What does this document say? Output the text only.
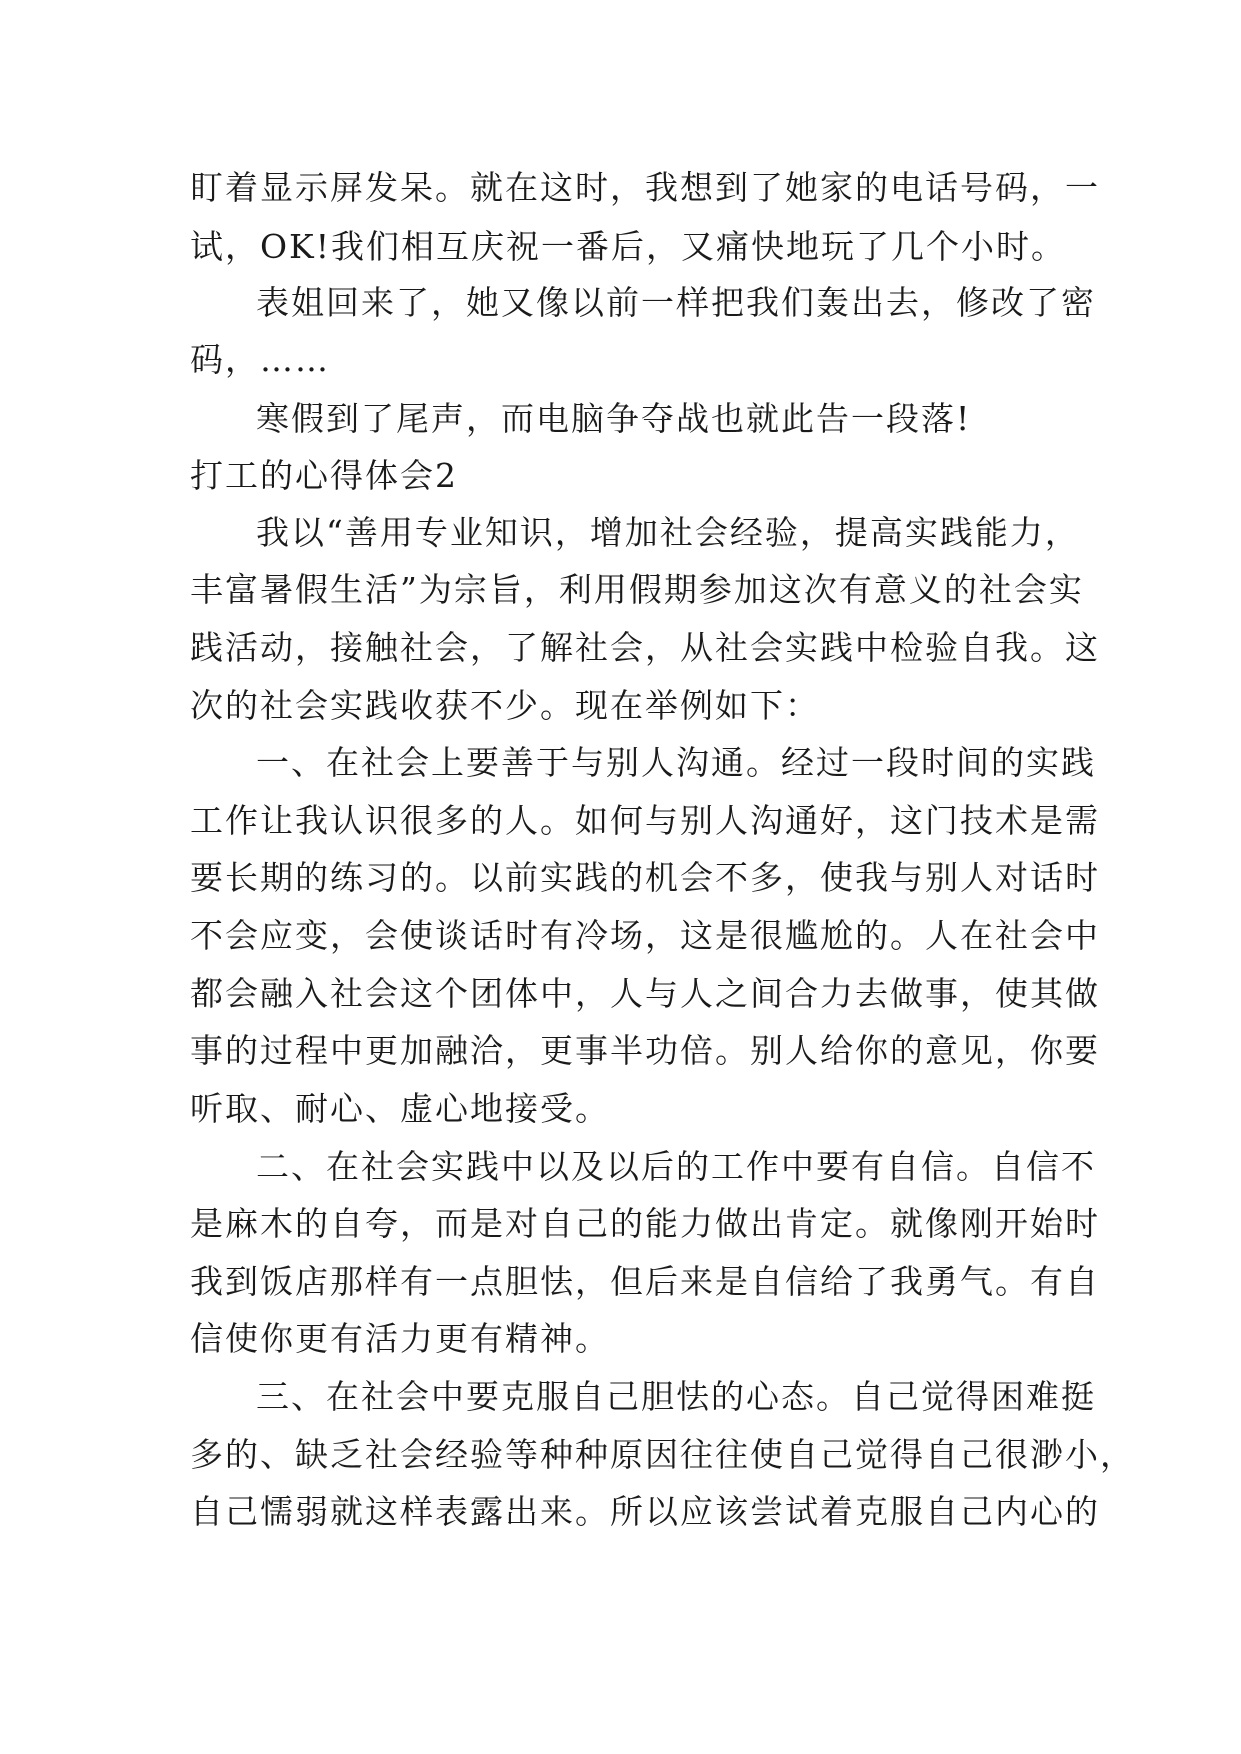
盯着显示屏发呆。就在这时，我想到了她家的电话号码，一
试，OK!我们相互庆祝一番后，又痛快地玩了几个小时。
表姐回来了，她又像以前一样把我们轰出去，修改了密
码，……
寒假到了尾声，而电脑争夺战也就此告一段落!
打工的心得体会2
我以“善用专业知识，增加社会经验，提高实践能力，
丰富暑假生活”为宗旨，利用假期参加这次有意义的社会实
践活动，接触社会，了解社会，从社会实践中检验自我。这
次的社会实践收获不少。现在举例如下：
一、在社会上要善于与别人沟通。经过一段时间的实践
工作让我认识很多的人。如何与别人沟通好，这门技术是需
要长期的练习的。以前实践的机会不多，使我与别人对话时
不会应变，会使谈话时有冷场，这是很尴尬的。人在社会中
都会融入社会这个团体中，人与人之间合力去做事，使其做
事的过程中更加融洽，更事半功倍。别人给你的意见，你要
听取、耐心、虚心地接受。
二、在社会实践中以及以后的工作中要有自信。自信不
是麻木的自夸，而是对自己的能力做出肯定。就像刚开始时
我到饭店那样有一点胆怯，但后来是自信给了我勇气。有自
信使你更有活力更有精神。
三、在社会中要克服自己胆怯的心态。自己觉得困难挺
多的、缺乏社会经验等种种原因往往使自己觉得自己很渺小，
自己懦弱就这样表露出来。所以应该尝试着克服自己内心的
